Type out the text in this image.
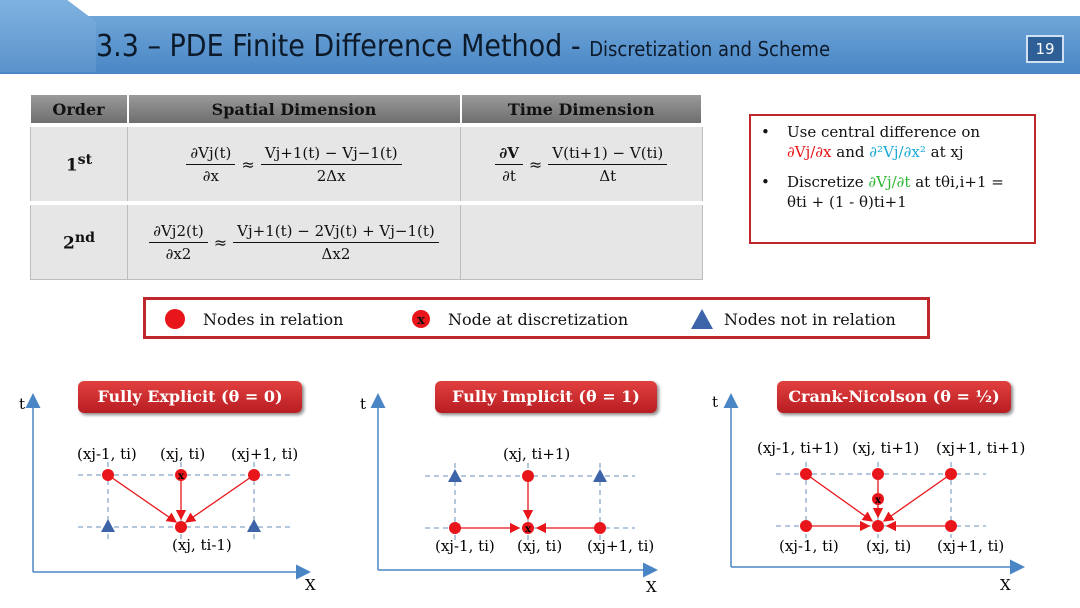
3.3 – PDE Finite Difference Method - Discretization and Scheme	19
Order	Spatial Dimension	Time Dimension
1st	$\frac{\partial Vj(t)}{\partial x} \approx \frac{Vj+1(t) - Vj-1(t)}{2\Delta x}$	$\frac{\partial V}{\partial t} \approx \frac{V(ti+1) - V(ti)}{\Delta t}$

2nd	$\frac{\partial Vj2(t)}{\partial x2} \approx \frac{Vj+1(t) - 2Vj(t) + Vj-1(t)}{\Delta x2}$

• Use central difference on
∂Vj/∂x and ∂²Vj/∂x² at xj
• Discretize ∂Vj/∂t at tθi,i+1 =
θti + (1 - θ)ti+1
Nodes in relation	Node at discretization	Nodes not in relation
Fully Explicit (θ = 0)	Fully Implicit (θ = 1)	Crank-Nicolson (θ = ½)
x
t
X
x
(xj-1, ti) (xj, ti) (xj+1, ti)
(xj, ti-1)
t
X
x
(xj, ti+1)
(xj-1, ti) (xj, ti) (xj+1, ti)
t
X
x
(xj-1, ti+1) (xj, ti+1) (xj+1, ti+1)
(xj-1, ti) (xj, ti) (xj+1, ti)
